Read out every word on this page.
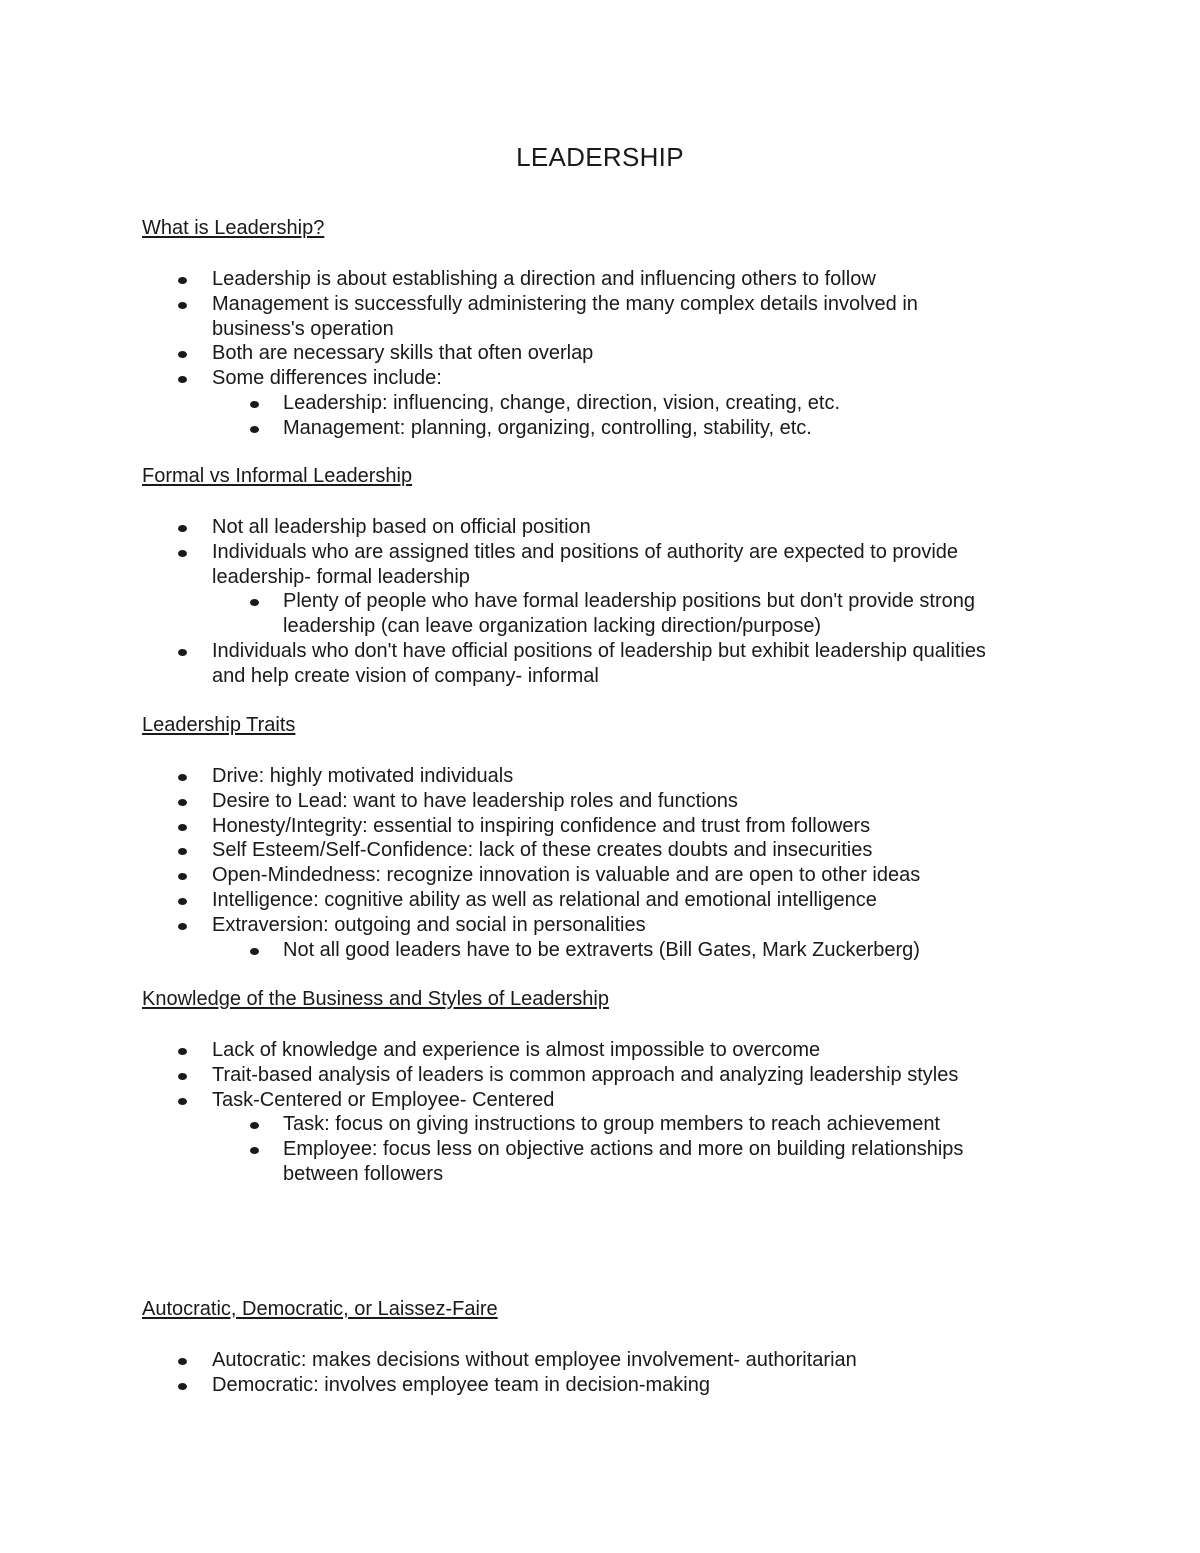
LEADERSHIP
What is Leadership?
Leadership is about establishing a direction and influencing others to follow
Management is successfully administering the many complex details involved in
business's operation
Both are necessary skills that often overlap
Some differences include:
Leadership: influencing, change, direction, vision, creating, etc.
Management: planning, organizing, controlling, stability, etc.
Formal vs Informal Leadership
Not all leadership based on official position
Individuals who are assigned titles and positions of authority are expected to provide
leadership- formal leadership
Plenty of people who have formal leadership positions but don't provide strong
leadership (can leave organization lacking direction/purpose)
Individuals who don't have official positions of leadership but exhibit leadership qualities
and help create vision of company- informal
Leadership Traits
Drive: highly motivated individuals
Desire to Lead: want to have leadership roles and functions
Honesty/Integrity: essential to inspiring confidence and trust from followers
Self Esteem/Self-Confidence: lack of these creates doubts and insecurities
Open-Mindedness: recognize innovation is valuable and are open to other ideas
Intelligence: cognitive ability as well as relational and emotional intelligence
Extraversion: outgoing and social in personalities
Not all good leaders have to be extraverts (Bill Gates, Mark Zuckerberg)
Knowledge of the Business and Styles of Leadership
Lack of knowledge and experience is almost impossible to overcome
Trait-based analysis of leaders is common approach and analyzing leadership styles
Task-Centered or Employee- Centered
Task: focus on giving instructions to group members to reach achievement
Employee: focus less on objective actions and more on building relationships
between followers
Autocratic, Democratic, or Laissez-Faire
Autocratic: makes decisions without employee involvement- authoritarian
Democratic: involves employee team in decision-making
